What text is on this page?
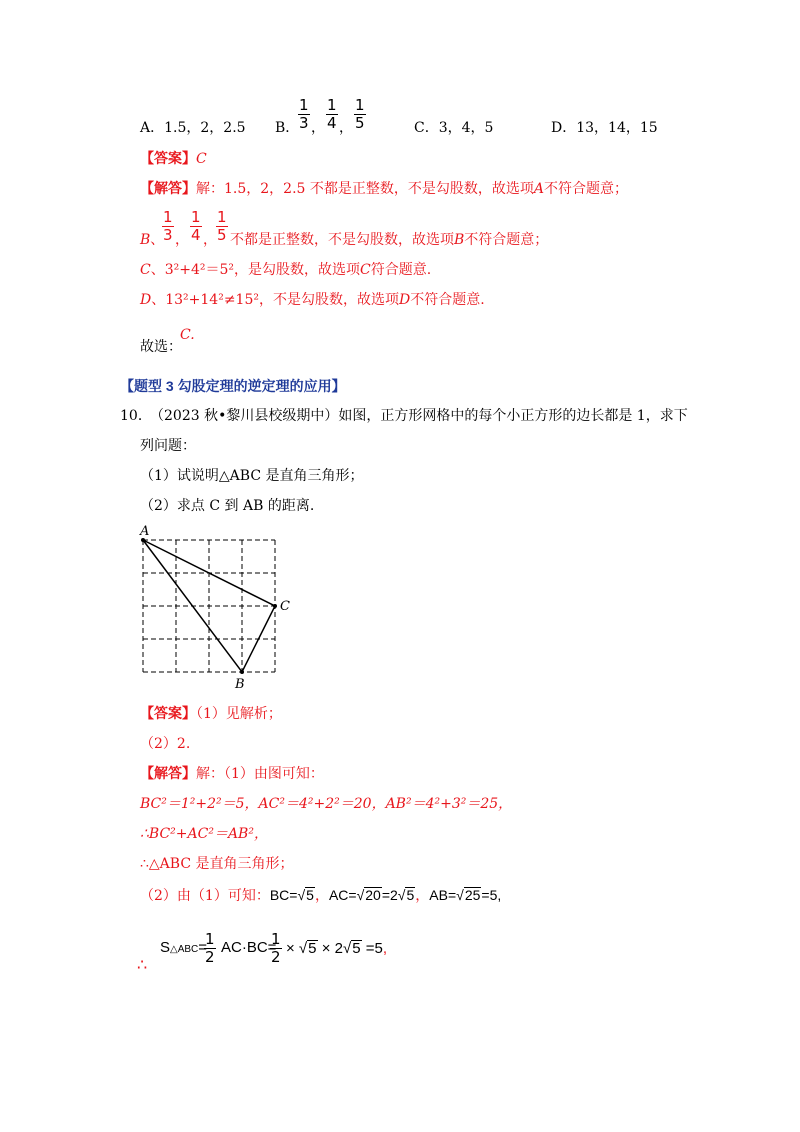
A．1.5，2，2.5 B．
$\frac{1}{3}$ ， $\frac{1}{4}$ ， $\frac{1}{5}$	C．3，4，5	D．13，14，15
【答案】C
【解答】解：1.5，2，2.5 不都是正整数，不是勾股数，故选项A不符合题意；
B、
$\frac{1}{3}$ ， $\frac{1}{4}$ ， $\frac{1}{5}$ 不都是正整数，不是勾股数，故选项B不符合题意；
C、3²+4²＝5²，是勾股数，故选项C符合题意.
D、13²+14²≠15²，不是勾股数，故选项D不符合题意.
故选：
C.
【题型 3 勾股定理的逆定理的应用】
10．
（2023 秋•黎川县校级期中）如图，正方形网格中的每个小正方形的边长都是 1，求下
列问题：
（1）试说明△ABC 是直角三角形；
（2）求点 C 到 AB 的距离.
A
C
B
【答案】（1）见解析；
（2）2.
【解答】解：（1）由图可知：
BC²＝1²+2²＝5，AC²＝4²+2²＝20，AB²＝4²+3²＝25，
∴BC²+AC²＝AB²，
∴△ABC 是直角三角形；
（2）由（1）可知：BC=√5，AC=√20=2√5，AB=√25=5,
∴
S△ABC=
$\frac{1}{2} AC\cdot BC=$
$\frac{1}{2} \times √5 \times 2√5 =5$,
